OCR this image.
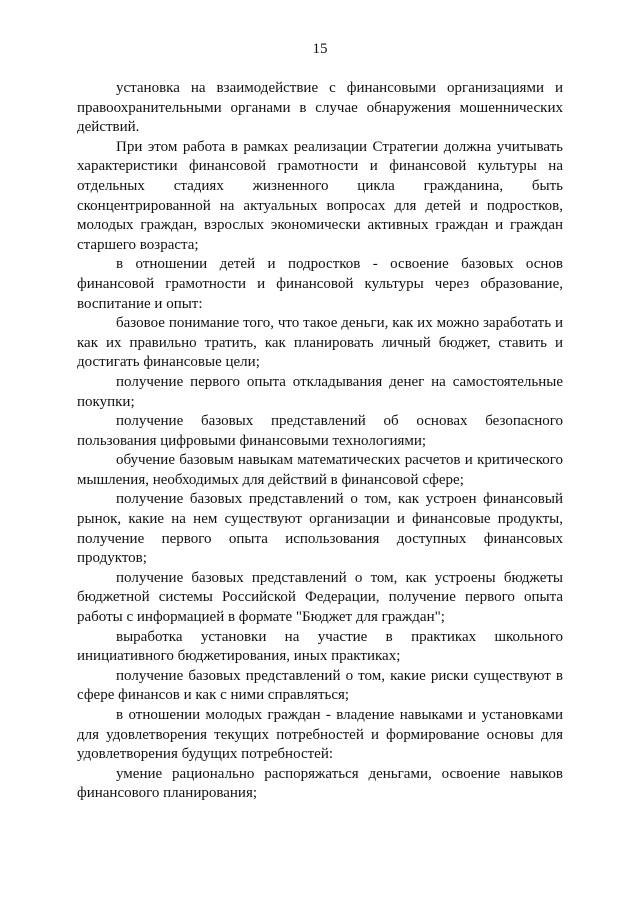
15

установка на взаимодействие с финансовыми организациями и правоохранительными органами в случае обнаружения мошеннических действий.

При этом работа в рамках реализации Стратегии должна учитывать характеристики финансовой грамотности и финансовой культуры на отдельных стадиях жизненного цикла гражданина, быть сконцентрированной на актуальных вопросах для детей и подростков, молодых граждан, взрослых экономически активных граждан и граждан старшего возраста;

в отношении детей и подростков - освоение базовых основ финансовой грамотности и финансовой культуры через образование, воспитание и опыт:

базовое понимание того, что такое деньги, как их можно заработать и как их правильно тратить, как планировать личный бюджет, ставить и достигать финансовые цели;

получение первого опыта откладывания денег на самостоятельные покупки;

получение базовых представлений об основах безопасного пользования цифровыми финансовыми технологиями;

обучение базовым навыкам математических расчетов и критического мышления, необходимых для действий в финансовой сфере;

получение базовых представлений о том, как устроен финансовый рынок, какие на нем существуют организации и финансовые продукты, получение первого опыта использования доступных финансовых продуктов;

получение базовых представлений о том, как устроены бюджеты бюджетной системы Российской Федерации, получение первого опыта работы с информацией в формате "Бюджет для граждан";

выработка установки на участие в практиках школьного инициативного бюджетирования, иных практиках;

получение базовых представлений о том, какие риски существуют в сфере финансов и как с ними справляться;

в отношении молодых граждан - владение навыками и установками для удовлетворения текущих потребностей и формирование основы для удовлетворения будущих потребностей:

умение рационально распоряжаться деньгами, освоение навыков финансового планирования;
